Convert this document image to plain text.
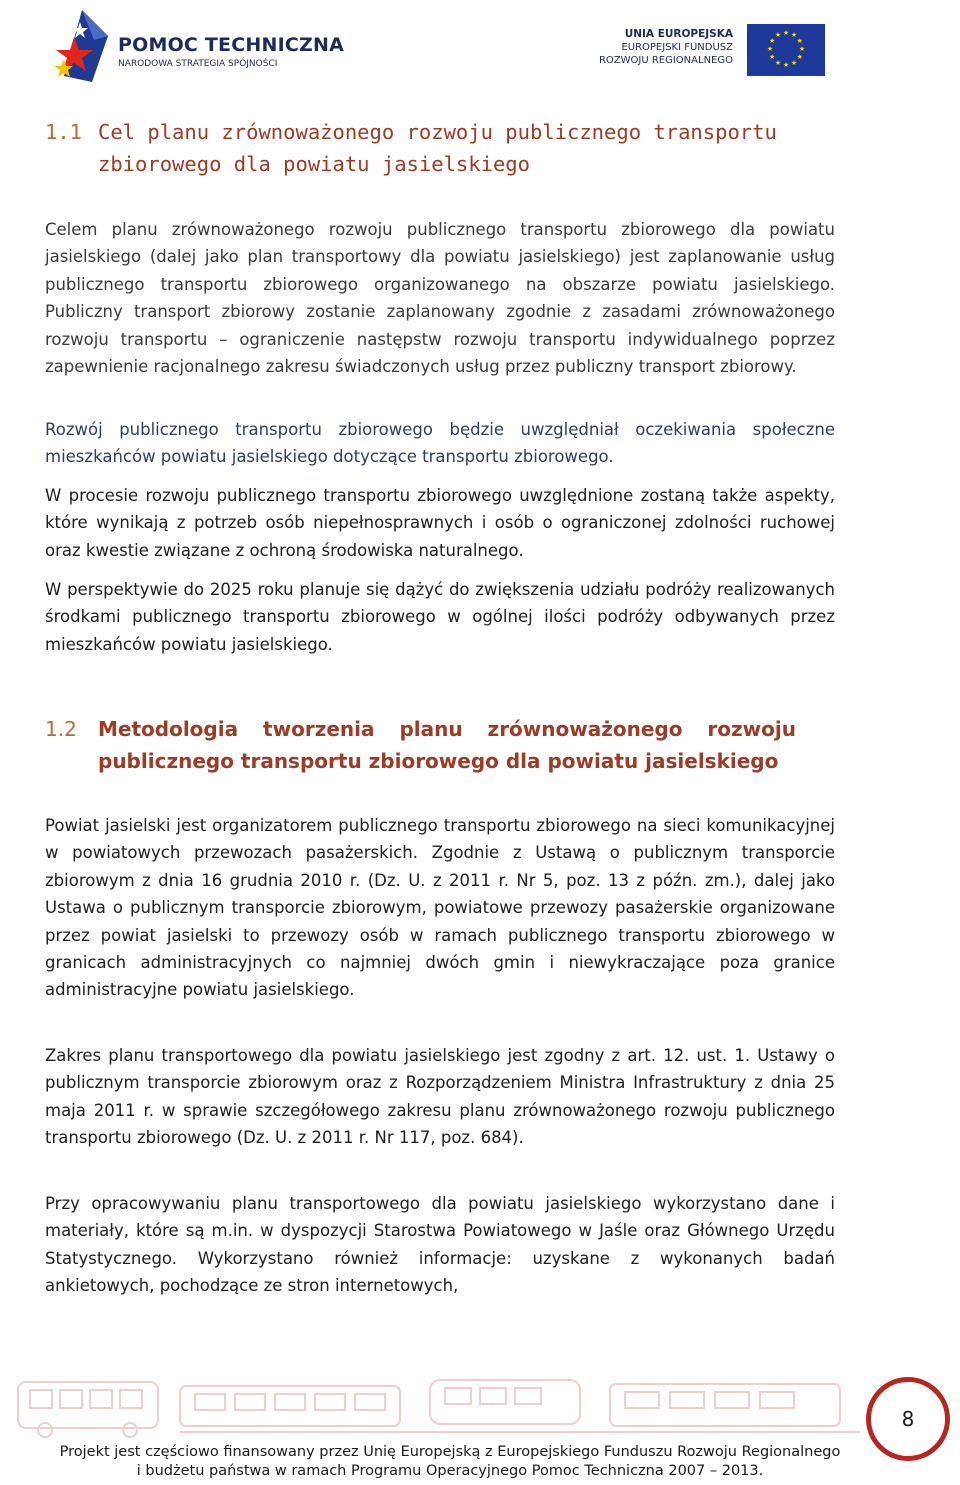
POMOC TECHNICZNA
NARODOWA STRATEGIA SPÓJNOŚCI
UNIA EUROPEJSKA
EUROPEJSKI FUNDUSZ
ROZWOJU REGIONALNEGO
★ ★
★
★
★
★
★
★
★
★
★
★
1.1 Cel planu zrównoważonego rozwoju publicznego transportu
zbiorowego dla powiatu jasielskiego

Celem planu zrównoważonego rozwoju publicznego transportu zbiorowego dla powiatu jasielskiego (dalej jako plan transportowy dla powiatu jasielskiego) jest zaplanowanie usług publicznego transportu zbiorowego organizowanego na obszarze powiatu jasielskiego. Publiczny transport zbiorowy zostanie zaplanowany zgodnie z zasadami zrównoważonego rozwoju transportu – ograniczenie następstw rozwoju transportu indywidualnego poprzez zapewnienie racjonalnego zakresu świadczonych usług przez publiczny transport zbiorowy.

Rozwój publicznego transportu zbiorowego będzie uwzględniał oczekiwania społeczne mieszkańców powiatu jasielskiego dotyczące transportu zbiorowego.

W procesie rozwoju publicznego transportu zbiorowego uwzględnione zostaną także aspekty, które wynikają z potrzeb osób niepełnosprawnych i osób o ograniczonej zdolności ruchowej oraz kwestie związane z ochroną środowiska naturalnego.

W perspektywie do 2025 roku planuje się dążyć do zwiększenia udziału podróży realizowanych środkami publicznego transportu zbiorowego w ogólnej ilości podróży odbywanych przez mieszkańców powiatu jasielskiego.

1.2 Metodologia tworzenia planu zrównoważonego rozwoju
publicznego transportu zbiorowego dla powiatu jasielskiego

Powiat jasielski jest organizatorem publicznego transportu zbiorowego na sieci komunikacyjnej w powiatowych przewozach pasażerskich. Zgodnie z Ustawą o publicznym transporcie zbiorowym z dnia 16 grudnia 2010 r. (Dz. U. z 2011 r. Nr 5, poz. 13 z późn. zm.), dalej jako Ustawa o publicznym transporcie zbiorowym, powiatowe przewozy pasażerskie organizowane przez powiat jasielski to przewozy osób w ramach publicznego transportu zbiorowego w granicach administracyjnych co najmniej dwóch gmin i niewykraczające poza granice administracyjne powiatu jasielskiego.

Zakres planu transportowego dla powiatu jasielskiego jest zgodny z art. 12. ust. 1. Ustawy o publicznym transporcie zbiorowym oraz z Rozporządzeniem Ministra Infrastruktury z dnia 25 maja 2011 r. w sprawie szczegółowego zakresu planu zrównoważonego rozwoju publicznego transportu zbiorowego (Dz. U. z 2011 r. Nr 117, poz. 684).

Przy opracowywaniu planu transportowego dla powiatu jasielskiego wykorzystano dane i materiały, które są m.in. w dyspozycji Starostwa Powiatowego w Jaśle oraz Głównego Urzędu Statystycznego. Wykorzystano również informacje: uzyskane z wykonanych badań ankietowych, pochodzące ze stron internetowych,

Projekt jest częściowo finansowany przez Unię Europejską z Europejskiego Funduszu Rozwoju Regionalnego
i budżetu państwa w ramach Programu Operacyjnego Pomoc Techniczna 2007 – 2013.
8
